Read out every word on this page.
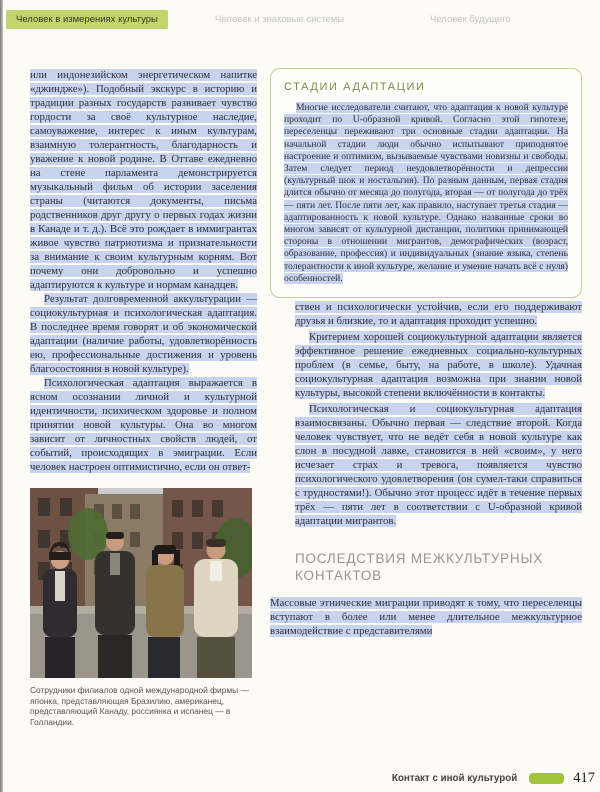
Человек в измерениях культуры	Человек и знаковые системы	Человек будущего

или индонезийском энергетическом напитке «джиндже»). Подобный экскурс в историю и традиции разных государств развивает чувство гордости за своё культурное наследие, самоуважение, интерес к иным культурам, взаимную толерантность, благодарность и уважение к новой родине. В Оттаве ежедневно на стене парламента демонстрируется музыкальный фильм об истории заселения страны (читаются документы, письма родственников друг другу о первых годах жизни в Канаде и т. д.). Всё это рождает в иммигрантах живое чувство патриотизма и признательности за внимание к своим культурным корням. Вот почему они добровольно и успешно адаптируются к культуре и нормам канадцев.

Результат долговременной аккультурации — социокультурная и психологическая адаптация. В последнее время говорят и об экономической адаптации (наличие работы, удовлетворённость ею, профессиональные достижения и уровень благосостояния в новой культуре).

Психологическая адаптация выражается в ясном осознании личной и культурной идентичности, психическом здоровье и полном принятии новой культуры. Она во многом зависит от личностных свойств людей, от событий, происходящих в эмиграции. Если человек настроен оптимистично, если он ответ-

Сотрудники филиалов одной международной фирмы — японка, представляющая Бразилию, американец, представляющий Канаду, россиянка и испанец — в Голландии.
СТАДИИ АДАПТАЦИИ

Многие исследователи считают, что адаптация к новой культуре проходит по U-образной кривой. Согласно этой гипотезе, переселенцы переживают три основные стадии адаптации. На начальной стадии люди обычно испытывают приподнятое настроение и оптимизм, вызываемые чувствами новизны и свободы. Затем следует период неудовлетворённости и депрессии (культурный шок и ностальгия). По разным данным, первая стадия длится обычно от месяца до полугода, вторая — от полугода до трёх — пяти лет. После пяти лет, как правило, наступает третья стадия — адаптированность к новой культуре. Однако названные сроки во многом зависят от культурной дистанции, политики принимающей стороны в отношении мигрантов, демографических (возраст, образование, профессия) и индивидуальных (знание языка, степень толерантности к иной культуре, желание и умение начать всё с нуля) особенностей.

ствен и психологически устойчив, если его поддерживают друзья и близкие, то и адаптация проходит успешно.

Критерием хорошей социокультурной адаптации является эффективное решение ежедневных социально-культурных проблем (в семье, быту, на работе, в школе). Удачная социокультурная адаптация возможна при знании новой культуры, высокой степени включённости в контакты.

Психологическая и социокультурная адаптация взаимосвязаны. Обычно первая — следствие второй. Когда человек чувствует, что не ведёт себя в новой культуре как слон в посудной лавке, становится в ней «своим», у него исчезает страх и тревога, появляется чувство психологического удовлетворения (он сумел-таки справиться с трудностями!). Обычно этот процесс идёт в течение первых трёх — пяти лет в соответствии с U-образной кривой адаптации мигрантов.

ПОСЛЕДСТВИЯ МЕЖКУЛЬТУРНЫХ КОНТАКТОВ

Массовые этнические миграции приводят к тому, что переселенцы вступают в более или менее длительное межкультурное взаимодействие с представителями

Контакт с иной культурой	417
